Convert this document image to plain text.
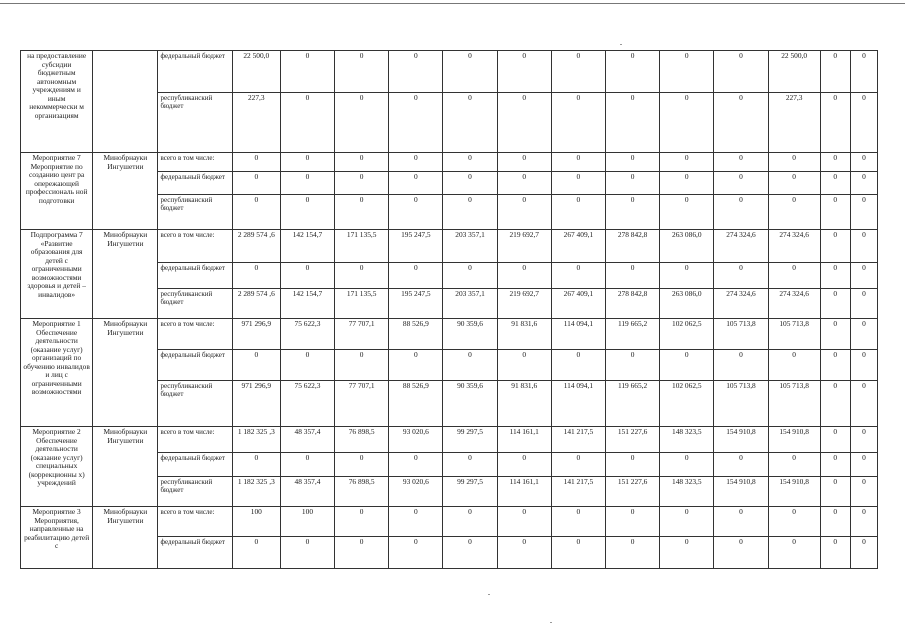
на предоставление субсидии бюджетным автономным учреждениям и иным некоммерчески м организациям		федеральный бюджет	22 500,0	0	0	0	0	0	0	0	0	0	22 500,0	0	0
		республиканский бюджет	227,3	0	0	0	0	0	0	0	0	0	227,3	0	0
Мероприятие 7 Мероприятие по созданию цент ра опережающей профессиональ ной подготовки	Минобрнауки Ингушетии	всего в том числе:	0	0	0	0	0	0	0	0	0	0	0	0	0
		федеральный бюджет	0	0	0	0	0	0	0	0	0	0	0	0	0
		республиканский бюджет	0	0	0	0	0	0	0	0	0	0	0	0	0
Подпрограмма 7 «Развитие образования для детей с ограниченными возможностями здоровья и детей – инвалидов»	Минобрнауки Ингушетии	всего в том числе:	2 289 574 ,6	142 154,7	171 135,5	195 247,5	203 357,1	219 692,7	267 409,1	278 842,8	263 086,0	274 324,6	274 324,6	0	0
		федеральный бюджет	0	0	0	0	0	0	0	0	0	0	0	0	0
		республиканский бюджет	2 289 574 ,6	142 154,7	171 135,5	195 247,5	203 357,1	219 692,7	267 409,1	278 842,8	263 086,0	274 324,6	274 324,6	0	0
Мероприятие 1 Обеспечение деятельности (оказание услуг) организаций по обучению инвалидов и лиц с ограниченными возможностями	Минобрнауки Ингушетии	всего в том числе:	971 296,9	75 622,3	77 707,1	88 526,9	90 359,6	91 831,6	114 094,1	119 665,2	102 062,5	105 713,8	105 713,8	0	0
		федеральный бюджет	0	0	0	0	0	0	0	0	0	0	0	0	0
		республиканский бюджет	971 296,9	75 622,3	77 707,1	88 526,9	90 359,6	91 831,6	114 094,1	119 665,2	102 062,5	105 713,8	105 713,8	0	0
Мероприятие 2 Обеспечение деятельности (оказание услуг) специальных (коррекционны х) учреждений	Минобрнауки Ингушетии	всего в том числе:	1 182 325 ,3	48 357,4	76 898,5	93 020,6	99 297,5	114 161,1	141 217,5	151 227,6	148 323,5	154 910,8	154 910,8	0	0
		федеральный бюджет	0	0	0	0	0	0	0	0	0	0	0	0	0
		республиканский бюджет	1 182 325 ,3	48 357,4	76 898,5	93 020,6	99 297,5	114 161,1	141 217,5	151 227,6	148 323,5	154 910,8	154 910,8	0	0
Мероприятие 3 Мероприятия, направленные на реабилитацию детей с	Минобрнауки Ингушетии	всего в том числе:	100	100	0	0	0	0	0	0	0	0	0	0	0
		федеральный бюджет	0	0	0	0	0	0	0	0	0	0	0	0	0
